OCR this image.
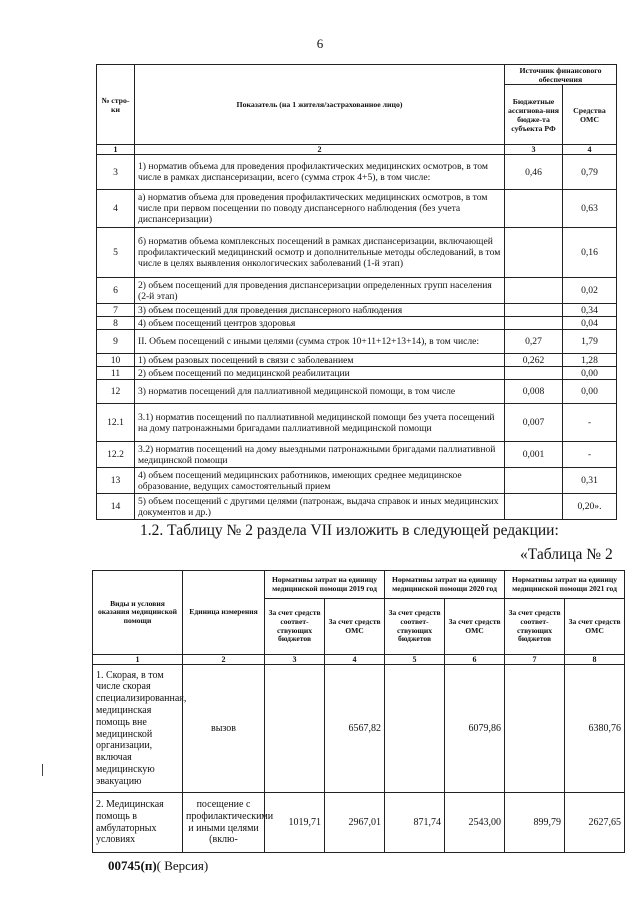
6
№ стро-ки	Показатель (на 1 жителя/застрахованное лицо)	Источник финансового обеспечения	
		Бюджетные ассигнова-ния бюдже-та субъекта РФ	Средства ОМС
1	2	3	4
3	1) норматив объема для проведения профилактических медицинских осмотров, в том числе в рамках диспансеризации, всего (сумма строк 4+5), в том числе:	0,46	0,79
4	а) норматив объема для проведения профилактических медицинских осмотров, в том числе при первом посещении по поводу диспансерного наблюдения (без учета диспансеризации)		0,63
5	б) норматив объема комплексных посещений в рамках диспансеризации, включающей профилактический медицинский осмотр и дополнительные методы обследований, в том числе в целях выявления онкологических заболеваний (1-й этап)		0,16
6	2) объем посещений для проведения диспансеризации определенных групп населения (2-й этап)		0,02
7	3) объем посещений для проведения диспансерного наблюдения		0,34
8	4) объем посещений центров здоровья		0,04
9	II. Объем посещений с иными целями (сумма строк 10+11+12+13+14), в том числе:	0,27	1,79
10	1) объем разовых посещений в связи с заболеванием	0,262	1,28
11	2) объем посещений по медицинской реабилитации		0,00
12	3) норматив посещений для паллиативной медицинской помощи, в том числе	0,008	0,00
12.1	3.1) норматив посещений по паллиативной медицинской помощи без учета посещений на дому патронажными бригадами паллиативной медицинской помощи	0,007	-
12.2	3.2) норматив посещений на дому выездными патронажными бригадами паллиативной медицинской помощи	0,001	-
13	4) объем посещений медицинских работников, имеющих среднее медицинское образование, ведущих самостоятельный прием		0,31
14	5) объем посещений с другими целями (патронаж, выдача справок и иных медицинских документов и др.)		0,20».
1.2. Таблицу № 2 раздела VII изложить в следующей редакции:
«Таблица № 2
Виды и условия оказания медицинской помощи	Единица измерения	Нормативы затрат на единицу медицинской помощи 2019 год		Нормативы затрат на единицу медицинской помощи 2020 год		Нормативы затрат на единицу медицинской помощи 2021 год	
		За счет средств соответ-ствующих бюджетов	За счет средств ОМС	За счет средств соответ-ствующих бюджетов	За счет средств ОМС	За счет средств соответ-ствующих бюджетов	За счет средств ОМС
1	2	3	4	5	6	7	8
1. Скорая, в том числе скорая специализированная, медицинская помощь вне медицинской организации, включая медицинскую эвакуацию	вызов		6567,82		6079,86		6380,76
2. Медицинская помощь в амбулаторных условиях	посещение с профилактическими и иными целями (вклю-	1019,71	2967,01	871,74	2543,00	899,79	2627,65
00745(п)( Версия)
